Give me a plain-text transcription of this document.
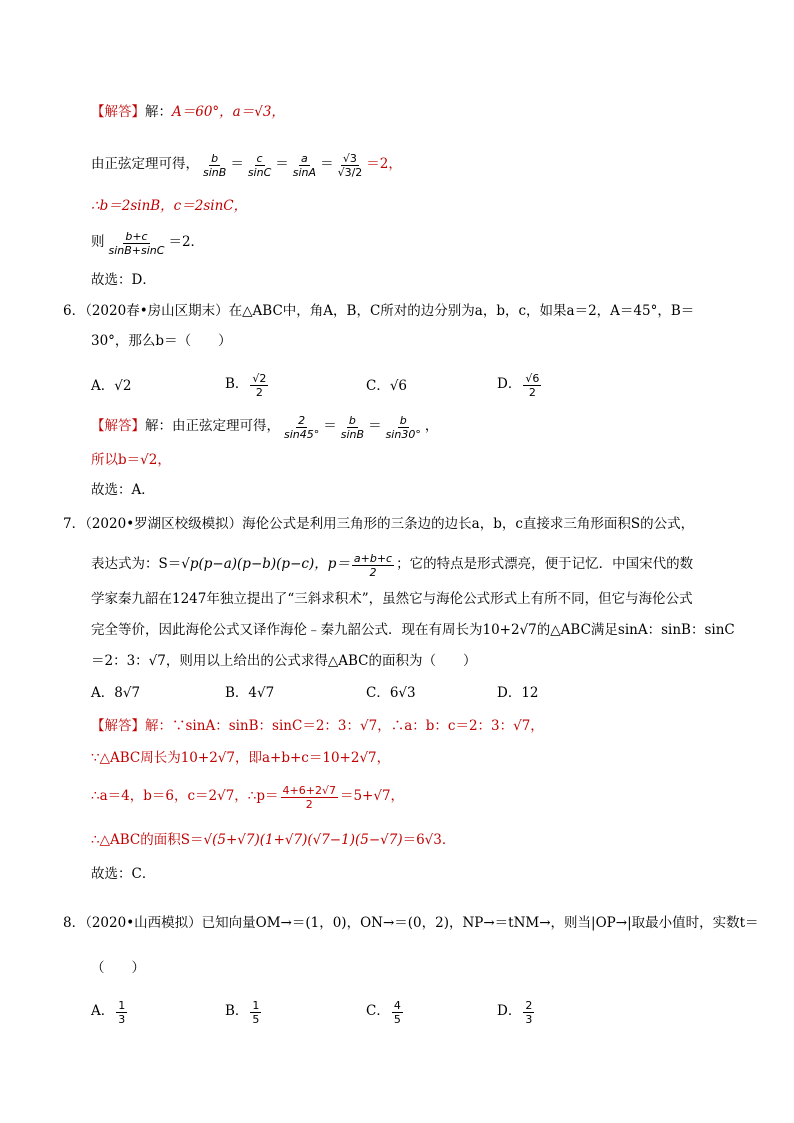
【解答】 解： A＝60°，a＝√3，
由正弦定理可得， $\frac{b}{\sin B} = \frac{c}{\sin C} = \frac{a}{\sin A} = \frac{√3}{√3/2} =2$，
∴b＝2sinB，c＝2sinC，
则 $\frac{b+c}{\sin B+\sin C} =2$．
故选：D．
6．（2020春•房山区期末）在△ABC中，角A，B，C所对的边分别为a，b，c，如果a＝2，A＝45°，B＝
30°，那么b＝（　　）
A．√2	B． $\frac{√2}{2}$	C．√6	D． $\frac{√6}{2}$
【解答】 解：由正弦定理可得， $\frac{2}{\sin 45^\circ} = \frac{b}{\sin B} = \frac{b}{\sin 30^\circ}$ ，
所以b＝√2，
故选：A．
7．（2020•罗湖区校级模拟）海伦公式是利用三角形的三条边的边长a，b，c直接求三角形面积S的公式，
表达式为：S＝ √p(p−a)(p−b)(p−c) ，$p= \frac{a+b+c}{2}$ ；它的特点是形式漂亮，便于记忆．中国宋代的数
学家秦九韶在1247年独立提出了“三斜求积术”，虽然它与海伦公式形式上有所不同，但它与海伦公式
完全等价，因此海伦公式又译作海伦﹣秦九韶公式．现在有周长为10+2√7的△ABC满足sinA：sinB：sinC
＝2：3：√7，则用以上给出的公式求得△ABC的面积为（　　）
A．8√7	B．4√7	C．6√3	D．12
【解答】 解：∵sinA：sinB：sinC＝2：3：√7，∴a：b：c＝2：3：√7，
∵△ABC周长为10+2√7，即a+b+c＝10+2√7，
∴a＝4，b＝6，c＝2√7，∴p＝ $\frac{4+6+2√7}{2} =5+√7$，
∴△ABC的面积S＝ √(5+√7)(1+√7)(√7−1)(5−√7) ＝6√3．
故选：C．
8．（2020•山西模拟）已知向量OM→＝(1，0)，ON→＝(0，2)，NP→＝tNM→，则当|OP→|取最小值时，实数t＝
（　　）
A． $\frac{1}{3}$	B． $\frac{1}{5}$	C． $\frac{4}{5}$	D． $\frac{2}{3}$
